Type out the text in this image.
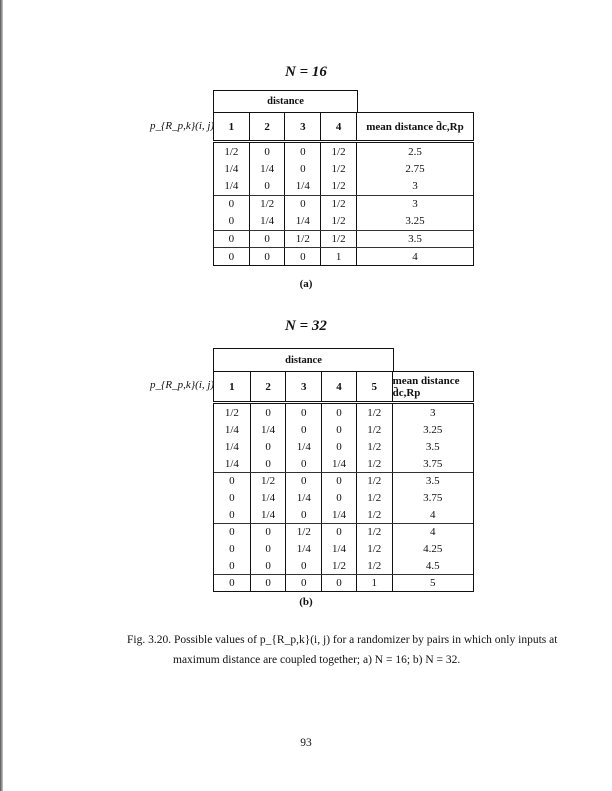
N = 16
distance
p_{R_p,k}(i, j)	1	2	3	4	mean distance d̄c,Rp
1/2	0	0	1/2	2.5
1/4	1/4	0	1/2	2.75
1/4	0	1/4	1/2	3
0	1/2	0	1/2	3
0	1/4	1/4	1/2	3.25
0	0	1/2	1/2	3.5
0	0	0	1	4
(a)
N = 32
distance
p_{R_p,k}(i, j)	1	2	3	4	5	mean distance d̄c,Rp
1/2	0	0	0	1/2	3
1/4	1/4	0	0	1/2	3.25
1/4	0	1/4	0	1/2	3.5
1/4	0	0	1/4	1/2	3.75
0	1/2	0	0	1/2	3.5
0	1/4	1/4	0	1/2	3.75
0	1/4	0	1/4	1/2	4
0	0	1/2	0	1/2	4
0	0	1/4	1/4	1/2	4.25
0	0	0	1/2	1/2	4.5
0	0	0	0	1	5
(b)
Fig. 3.20. Possible values of p_{R_p,k}(i, j) for a randomizer by pairs in which only inputs at
maximum distance are coupled together; a) N = 16; b) N = 32.
93
